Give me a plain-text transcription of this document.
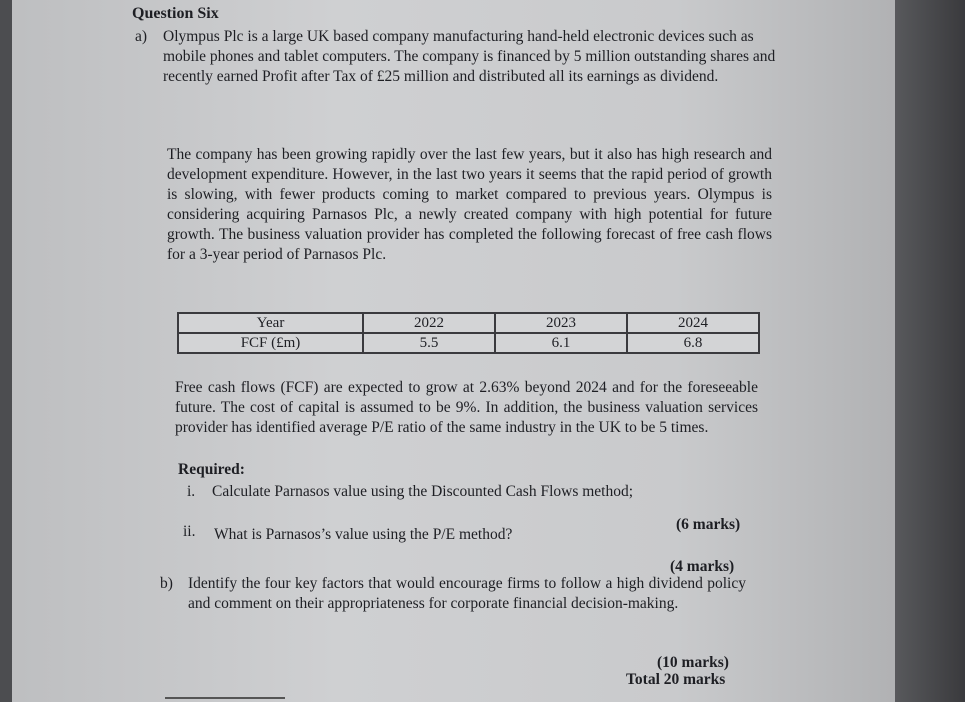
Question Six
a) Olympus Plc is a large UK based company manufacturing hand-held electronic devices such as mobile phones and tablet computers. The company is financed by 5 million outstanding shares and recently earned Profit after Tax of £25 million and distributed all its earnings as dividend.
The company has been growing rapidly over the last few years, but it also has high research and development expenditure. However, in the last two years it seems that the rapid period of growth is slowing, with fewer products coming to market compared to previous years. Olympus is considering acquiring Parnasos Plc, a newly created company with high potential for future growth. The business valuation provider has completed the following forecast of free cash flows for a 3-year period of Parnasos Plc.
Year	2022	2023	2024
FCF (£m)	5.5	6.1	6.8
Free cash flows (FCF) are expected to grow at 2.63% beyond 2024 and for the foreseeable future. The cost of capital is assumed to be 9%. In addition, the business valuation services provider has identified average P/E ratio of the same industry in the UK to be 5 times.
Required:
i. Calculate Parnasos value using the Discounted Cash Flows method;
(6 marks)
ii. What is Parnasos’s value using the P/E method?
(4 marks)
b) Identify the four key factors that would encourage firms to follow a high dividend policy and comment on their appropriateness for corporate financial decision-making.
(10 marks)
Total 20 marks
